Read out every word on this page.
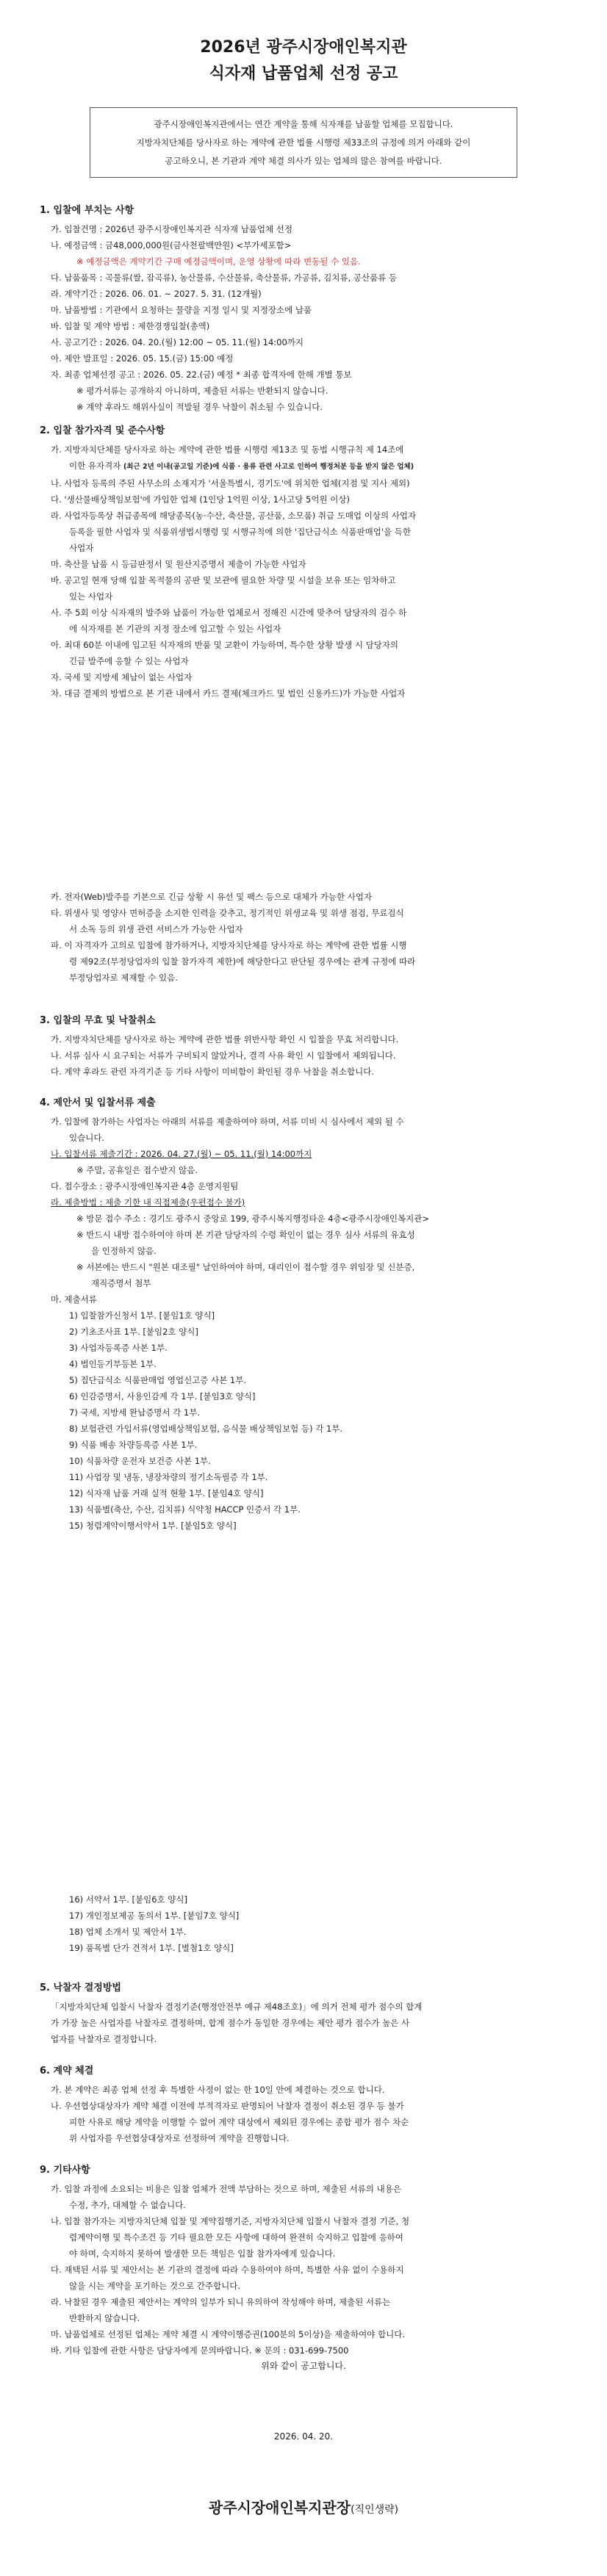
2026년 광주시장애인복지관
식자재 납품업체 선정 공고
광주시장애인복지관에서는 연간 계약을 통해 식자재를 납품할 업체를 모집합니다.
지방자치단체를 당사자로 하는 계약에 관한 법률 시행령 제33조의 규정에 의거 아래와 같이
공고하오니, 본 기관과 계약 체결 의사가 있는 업체의 많은 참여를 바랍니다.
1. 입찰에 부치는 사항
가. 입찰건명 : 2026년 광주시장애인복지관 식자재 납품업체 선정
나. 예정금액 : 금48,000,000원(금사천팔백만원) <부가세포함>
※ 예정금액은 계약기간 구매 예정금액이며, 운영 상황에 따라 변동될 수 있음.
다. 납품품목 : 곡물류(쌀, 잡곡류), 농산물류, 수산물류, 축산물류, 가공류, 김치류, 공산품류 등
라. 계약기간 : 2026. 06. 01. ~ 2027. 5. 31. (12개월)
마. 납품방법 : 기관에서 요청하는 물량을 지정 일시 및 지정장소에 납품
바. 입찰 및 계약 방법 : 제한경쟁입찰(총액)
사. 공고기간 : 2026. 04. 20.(월) 12:00 ~ 05. 11.(월) 14:00까지
아. 제안 발표일 : 2026. 05. 15.(금) 15:00 예정
자. 최종 업체선정 공고 : 2026. 05. 22.(금) 예정 * 최종 합격자에 한해 개별 통보
※ 평가서류는 공개하지 아니하며, 제출된 서류는 반환되지 않습니다.
※ 계약 후라도 해위사실이 적발될 경우 낙찰이 취소될 수 있습니다.
2. 입찰 참가자격 및 준수사항
가. 지방자치단체를 당사자로 하는 계약에 관한 법률 시행령 제13조 및 동법 시행규칙 제 14조에
이한 유자격자 (최근 2년 이내(공고일 기준)에 식품 · 용류 관련 사고로 인하여 행정처분 등을 받지 않은 업체)
나. 사업자 등록의 주된 사무소의 소재지가 '서울특별시, 경기도'에 위치한 업체(지점 및 지사 제외)
다. '생산물배상책임보험'에 가입한 업체 (1인당 1억원 이상, 1사고당 5억원 이상)
라. 사업자등록상 취급종목에 해당종목(농·수산, 축산물, 공산품, 소모품) 취급 도매업 이상의 사업자
등록을 필한 사업자 및 식품위생법시행령 및 시행규칙에 의한 '집단급식소 식품판매업'을 득한
사업자
마. 축산물 납품 시 등급판정서 및 원산지증명서 제출이 가능한 사업자
바. 공고일 현재 당해 입찰 목적물의 공판 및 보관에 필요한 차량 및 시설을 보유 또는 임차하고
있는 사업자
사. 주 5회 이상 식자재의 발주와 납품이 가능한 업체로서 정해진 시간에 맞추어 담당자의 검수 하
에 식자재를 본 기관의 지정 장소에 입고할 수 있는 사업자
아. 최대 60분 이내에 입고된 식자재의 반품 및 교환이 가능하며, 특수한 상황 발생 시 담당자의
긴급 발주에 응할 수 있는 사업자
자. 국세 및 지방세 체납이 없는 사업자
차. 대금 결제의 방법으로 본 기관 내에서 카드 결제(체크카드 및 법인 신용카드)가 가능한 사업자
카. 전자(Web)발주를 기본으로 긴급 상황 시 유선 및 팩스 등으로 대체가 가능한 사업자
타. 위생사 및 영양사 면허증을 소지한 인력을 갖추고, 정기적인 위생교육 및 위생 점검, 무료검식
서 소독 등의 위생 관련 서비스가 가능한 사업자
파. 이 자격자가 고의로 입찰에 참가하거나, 지방자치단체를 당사자로 하는 계약에 관한 법률 시행
령 제92조(부정당업자의 입찰 참가자격 제한)에 해당한다고 판단될 경우에는 관계 규정에 따라
부정당업자로 제재할 수 있음.
3. 입찰의 무효 및 낙찰취소
가. 지방자치단체를 당사자로 하는 계약에 관한 법률 위반사항 확인 시 입찰을 무효 처리합니다.
나. 서류 심사 시 요구되는 서류가 구비되지 않았거나, 결격 사유 확인 시 입찰에서 제외됩니다.
다. 계약 후라도 관련 자격기준 등 기타 사항이 미비함이 확인될 경우 낙찰을 취소합니다.
4. 제안서 및 입찰서류 제출
가. 입찰에 참가하는 사업자는 아래의 서류를 제출하여야 하며, 서류 미비 시 심사에서 제외 될 수
있습니다.
나. 입찰서류 제출기간 : 2026. 04. 27.(월) ~ 05. 11.(월) 14:00까지
※ 주말, 공휴일은 접수받지 않음.
다. 접수장소 : 광주시장애인복지관 4층 운영지원팀
라. 제출방법 : 제출 기한 내 직접제출(우편접수 불가)
※ 방문 접수 주소 : 경기도 광주시 중앙로 199, 광주시복지행정타운 4층<광주시장애인복지관>
※ 반드시 내방 접수하여야 하며 본 기관 담당자의 수령 확인이 없는 경우 심사 서류의 유효성
을 인정하지 않음.
※ 서본에는 반드시 "원본 대조필" 날인하여야 하며, 대리인이 접수할 경우 위임장 및 신분증,
재직증명서 첨부
마. 제출서류
1) 입찰참가신청서 1부. [붙임1호 양식]
2) 기초조사표 1부. [붙임2호 양식]
3) 사업자등록증 사본 1부.
4) 법인등기부등본 1부.
5) 집단급식소 식품판매업 영업신고증 사본 1부.
6) 인감증명서, 사용인감계 각 1부. [붙임3호 양식]
7) 국세, 지방세 완납증명서 각 1부.
8) 보험관련 가입서류(영업배상책임보험, 음식물 배상책임보험 등) 각 1부.
9) 식품 배송 차량등록증 사본 1부.
10) 식품차량 운전자 보건증 사본 1부.
11) 사업장 및 냉동, 냉장차량의 정기소독필증 각 1부.
12) 식자재 납품 거래 실적 현황 1부. [붙임4호 양식]
13) 식품별(축산, 수산, 김치류) 식약청 HACCP 인증서 각 1부.
15) 청렴계약이행서약서 1부. [붙임5호 양식]
16) 서약서 1부. [붙임6호 양식]
17) 개인정보제공 동의서 1부. [붙임7호 양식]
18) 업체 소개서 및 제안서 1부.
19) 품목별 단가 견적서 1부. [별첨1호 양식]
5. 낙찰자 결정방법
「지방자치단체 입찰시 낙찰자 결정기준(행정안전부 예규 제48조호)」에 의거 전체 평가 점수의 합계
가 가장 높은 사업자를 낙찰자로 결정하며, 합계 점수가 동일한 경우에는 제안 평가 점수가 높은 사
업자를 낙찰자로 결정합니다.
6. 계약 체결
가. 본 계약은 최종 업체 선정 후 특별한 사정이 없는 한 10일 안에 체결하는 것으로 합니다.
나. 우선협상대상자가 계약 체결 이전에 부적격자로 판명되어 낙찰자 결정이 취소된 경우 등 불가
피한 사유로 해당 계약을 이행할 수 없어 계약 대상에서 제외된 경우에는 종합 평가 점수 차순
위 사업자를 우선협상대상자로 선정하여 계약을 진행합니다.
9. 기타사항
가. 입찰 과정에 소요되는 비용은 입찰 업체가 전액 부담하는 것으로 하며, 제출된 서류의 내용은
수정, 추가, 대체할 수 없습니다.
나. 입찰 참가자는 지방자치단체 입찰 및 계약집행기준, 지방자치단체 입찰시 낙찰자 결정 기준, 청
렴계약이행 및 특수조건 등 기타 필요한 모든 사항에 대하여 완전히 숙지하고 입찰에 응하여
야 하며, 숙지하지 못하여 발생한 모든 책임은 입찰 참가자에게 있습니다.
다. 재택된 서류 및 제안서는 본 기관의 결정에 따라 수용하여야 하며, 특별한 사유 없이 수용하지
않을 시는 계약을 포기하는 것으로 간주합니다.
라. 낙찰된 경우 제출된 제안서는 계약의 일부가 되니 유의하여 작성해야 하며, 제출된 서류는
반환하지 않습니다.
마. 납품업체로 선정된 업체는 계약 체결 시 계약이행증권(100분의 5이상)을 제출하여야 합니다.
바. 기타 입찰에 관한 사항은 담당자에게 문의바랍니다. ※ 문의 : 031-699-7500
위와 같이 공고합니다.
2026. 04. 20.
광주시장애인복지관장(직인생략)
